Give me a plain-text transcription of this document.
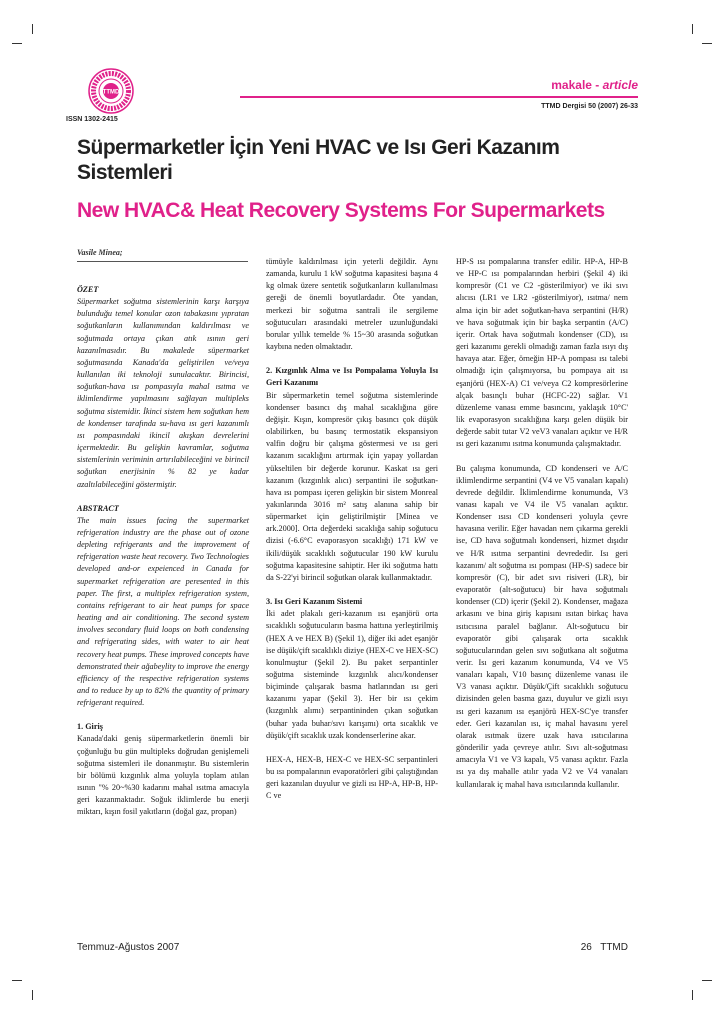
TTMD
ISSN 1302-2415
makale - article
TTMD Dergisi 50 (2007) 26-33
Süpermarketler İçin Yeni HVAC ve Isı Geri Kazanım Sistemleri
New HVAC& Heat Recovery Systems For Supermarkets
Vasile Minea;

ÖZET

Süpermarket soğutma sistemlerinin karşı karşıya bulunduğu temel konular ozon tabakasını yıpratan soğutkanların kullanımından kaldırılması ve soğutmada ortaya çıkan atık ısının geri kazanılmasıdır. Bu makalede süpermarket soğutmasında Kanada'da geliştirilen ve/veya kullanılan iki teknoloji sunulacaktır. Birincisi, soğutkan-hava ısı pompasıyla mahal ısıtma ve iklimlendirme yapılmasını sağlayan multipleks soğutma sistemidir. İkinci sistem hem soğutkan hem de kondenser tarafında su-hava ısı geri kazanımlı ısı pompasındaki ikincil akışkan devrelerini içermektedir. Bu gelişkin kavramlar, soğutma sistemlerinin veriminin artırılabileceğini ve birincil soğutkan enerjisinin % 82 ye kadar azaltılabileceğini göstermiştir.

ABSTRACT

The main issues facing the supermarket refrigeration industry are the phase out of ozone depleting refrigerants and the improvement of refrigeration waste heat recovery. Two Technologies developed and-or expeienced in Canada for supermarket refrigeration are peresented in this paper. The first, a multiplex refrigeration system, contains refrigerant to air heat pumps for space heating and air conditioning. The second system involves secondary fluid loops on both condensing and refrigerating sides, with water to air heat recovery heat pumps. These improved concepts have demonstrated their ağabeylity to improve the energy efficiency of the respective refrigeration systems and to reduce by up to 82% the quantity of primary refrigerant required.

1. Giriş

Kanada'daki geniş süpermarketlerin önemli bir çoğunluğu bu gün multipleks doğrudan genişlemeli soğutma sistemleri ile donanmıştır. Bu sistemlerin bir bölümü kızgınlık alma yoluyla toplam atılan ısının "% 20~%30 kadarını mahal ısıtma amacıyla geri kazanmaktadır. Soğuk iklimlerde bu enerji miktarı, kışın fosil yakıtların (doğal gaz, propan)

tümüyle kaldırılması için yeterli değildir. Aynı zamanda, kurulu 1 kW soğutma kapasitesi başına 4 kg olmak üzere sentetik soğutkanların kullanılması gereği de önemli boyutlardadır. Öte yandan, merkezi bir soğutma santrali ile sergileme soğutucuları arasındaki metreler uzunluğundaki borular yıllık temelde % 15~30 arasında soğutkan kaybına neden olmaktadır.

2. Kızgınlık Alma ve Isı Pompalama Yoluyla Isı Geri Kazanımı

Bir süpermarketin temel soğutma sistemlerinde kondenser basıncı dış mahal sıcaklığına göre değişir. Kışın, kompresör çıkış basıncı çok düşük olabilirken, bu basınç termostatik ekspansiyon valfin doğru bir çalışma göstermesi ve ısı geri kazanım sıcaklığını artırmak için yapay yollardan yükseltilen bir değerde korunur. Kaskat ısı geri kazanım (kızgınlık alıcı) serpantini ile soğutkan-hava ısı pompası içeren gelişkin bir sistem Monreal yakınlarında 3016 m² satış alanına sahip bir süpermarket için geliştirilmiştir [Minea ve ark.2000]. Orta değerdeki sıcaklığa sahip soğutucu dizisi (-6.6°C evaporasyon sıcaklığı) 171 kW ve ikili/düşük sıcaklıklı soğutucular 190 kW kurulu soğutma kapasitesine sahiptir. Her iki soğutma hattı da S-22'yi birincil soğutkan olarak kullanmaktadır.

3. Isı Geri Kazanım Sistemi

İki adet plakalı geri-kazanım ısı eşanjörü orta sıcaklıklı soğutucuların basma hattına yerleştirilmiş (HEX A ve HEX B) (Şekil 1), diğer iki adet eşanjör ise düşük/çift sıcaklıklı diziye (HEX-C ve HEX-SC) konulmuştur (Şekil 2). Bu paket serpantinler soğutma sisteminde kızgınlık alıcı/kondenser biçiminde çalışarak basma hatlarından ısı geri kazanımı yapar (Şekil 3). Her bir ısı çekim (kızgınlık alımı) serpantininden çıkan soğutkan (buhar yada buhar/sıvı karışımı) orta sıcaklık ve düşük/çift sıcaklık uzak kondenserlerine akar.

HEX-A, HEX-B, HEX-C ve HEX-SC serpantinleri bu ısı pompalarının evaporatörleri gibi çalıştığından geri kazanılan duyulur ve gizli ısı HP-A, HP-B, HP-C ve

HP-S ısı pompalarına transfer edilir. HP-A, HP-B ve HP-C ısı pompalarından herbiri (Şekil 4) iki kompresör (C1 ve C2 -gösterilmiyor) ve iki sıvı alıcısı (LR1 ve LR2 -gösterilmiyor), ısıtma/ nem alma için bir adet soğutkan-hava serpantini (H/R) ve hava soğutmak için bir başka serpantin (A/C) içerir. Ortak hava soğutmalı kondenser (CD), ısı geri kazanımı gerekli olmadığı zaman fazla ısıyı dış havaya atar. Eğer, örneğin HP-A pompası ısı talebi olmadığı için çalışmıyorsa, bu pompaya ait ısı eşanjörü (HEX-A) C1 ve/veya C2 kompresörlerine alçak basınçlı buhar (HCFC-22) sağlar. V1 düzenleme vanası emme basıncını, yaklaşık 10°C' lik evaporasyon sıcaklığına karşı gelen düşük bir değerde sabit tutar V2 veV3 vanaları açıktır ve H/R ısı geri kazanımı ısıtma konumunda çalışmaktadır.

Bu çalışma konumunda, CD kondenseri ve A/C iklimlendirme serpantini (V4 ve V5 vanaları kapalı) devrede değildir. İklimlendirme konumunda, V3 vanası kapalı ve V4 ile V5 vanaları açıktır. Kondenser ısısı CD kondenseri yoluyla çevre havasına verilir. Eğer havadan nem çıkarma gerekli ise, CD hava soğutmalı kondenseri, hizmet dışıdır ve H/R ısıtma serpantini devrededir. Isı geri kazanım/ alt soğutma ısı pompası (HP-S) sadece bir kompresör (C), bir adet sıvı risiveri (LR), bir evaporatör (alt-soğutucu) bir hava soğutmalı kondenser (CD) içerir (Şekil 2). Kondenser, mağaza arkasını ve bina giriş kapısını ısıtan birkaç hava ısıtıcısına paralel bağlanır. Alt-soğutucu bir evaporatör gibi çalışarak orta sıcaklık soğutucularından gelen sıvı soğutkana alt soğutma verir. Isı geri kazanım konumunda, V4 ve V5 vanaları kapalı, V10 basınç düzenleme vanası ile V3 vanası açıktır. Düşük/Çift sıcaklıklı soğutucu dizisinden gelen basma gazı, duyulur ve gizli ısıyı ısı geri kazanım ısı eşanjörü HEX-SC'ye transfer eder. Geri kazanılan ısı, iç mahal havasını yerel olarak ısıtmak üzere uzak hava ısıtıcılarına gönderilir yada çevreye atılır. Sıvı alt-soğutması amacıyla V1 ve V3 kapalı, V5 vanası açıktır. Fazla ısı ya dış mahalle atılır yada V2 ve V4 vanaları kullanılarak iç mahal hava ısıtıcılarında kullanılır.

Temmuz-Ağustos 2007	26 TTMD
